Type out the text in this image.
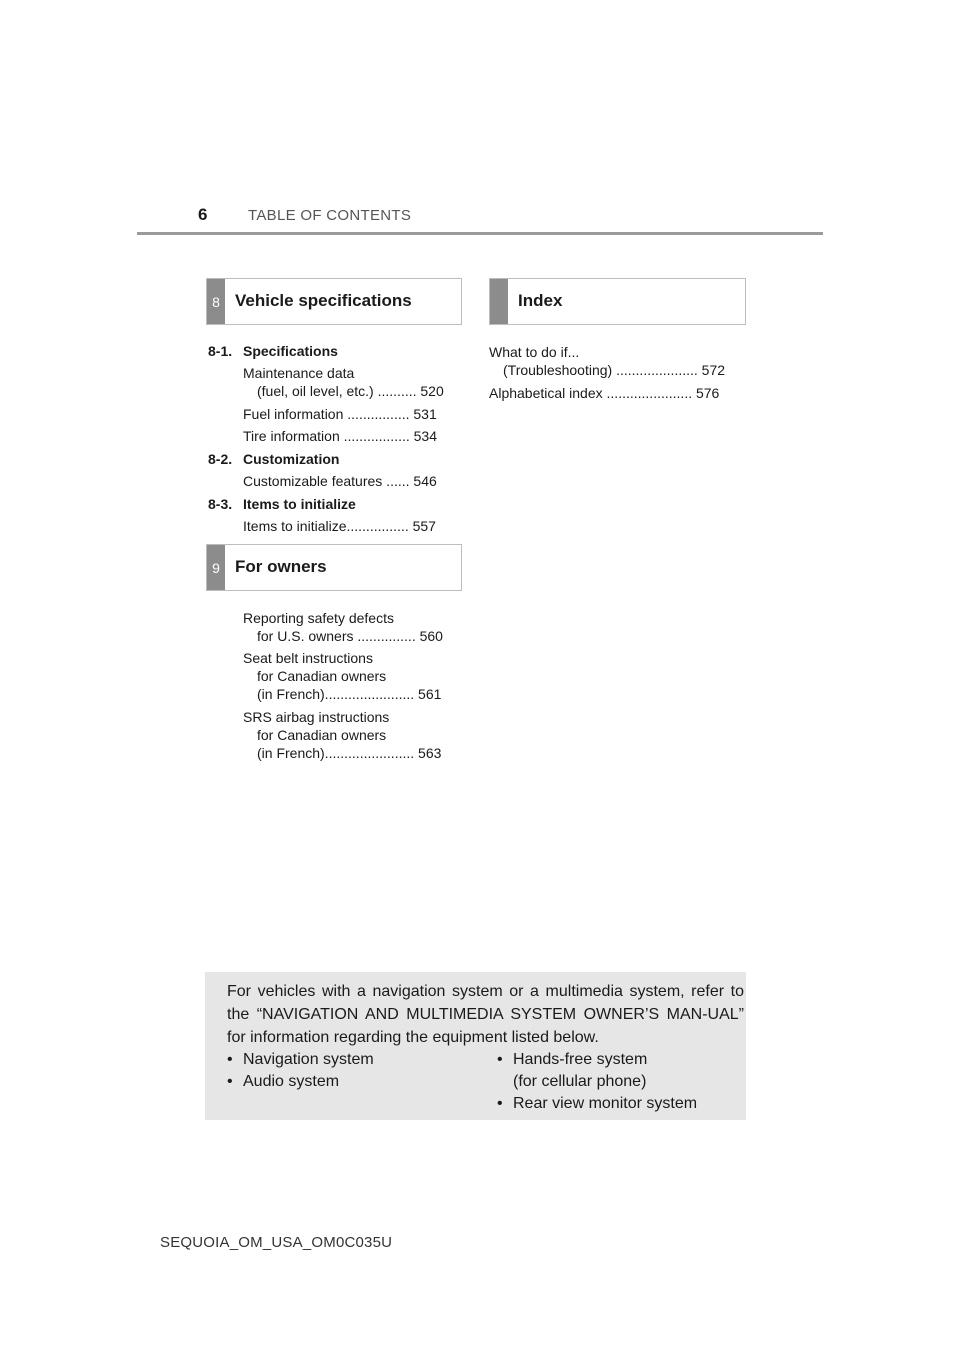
6	TABLE OF CONTENTS
8 Vehicle specifications	Index
8-1. Specifications
Maintenance data
(fuel, oil level, etc.) .......... 520
Fuel information ................ 531
Tire information ................. 534
8-2. Customization
Customizable features ...... 546
8-3. Items to initialize
Items to initialize................ 557
9 For owners
Reporting safety defects
for U.S. owners ............... 560
Seat belt instructions
for Canadian owners
(in French)....................... 561
SRS airbag instructions
for Canadian owners
(in French)....................... 563
What to do if...
(Troubleshooting) ..................... 572
Alphabetical index ...................... 576
For vehicles with a navigation system or a multimedia system, refer to the “NAVIGATION AND MULTIMEDIA SYSTEM OWNER’S MAN-UAL” for information regarding the equipment listed below.
• Navigation system
• Audio system
• Hands-free system
(for cellular phone)
• Rear view monitor system
SEQUOIA_OM_USA_OM0C035U
